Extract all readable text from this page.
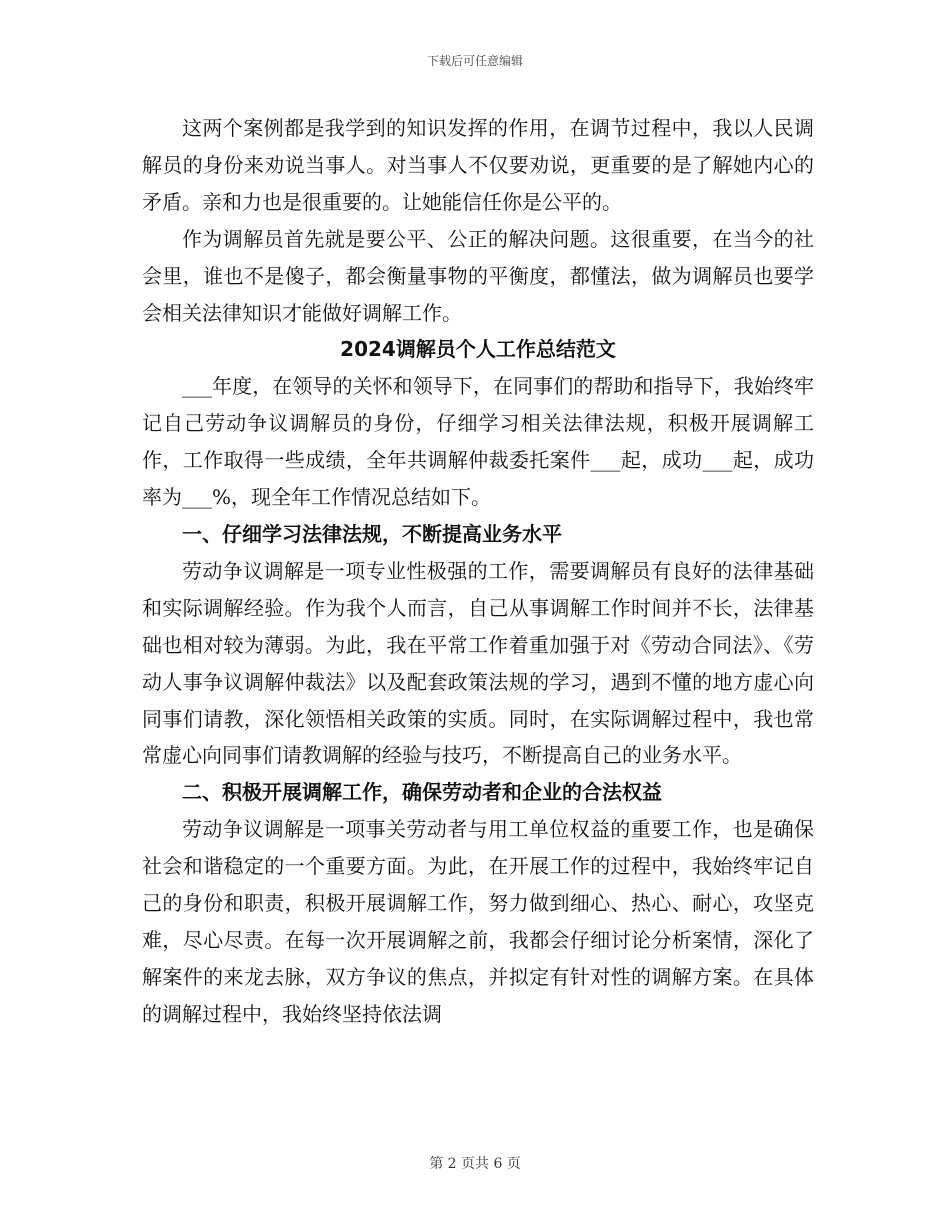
下载后可任意编辑

这两个案例都是我学到的知识发挥的作用，在调节过程中，我以人民调解员的身份来劝说当事人。对当事人不仅要劝说，更重要的是了解她内心的矛盾。亲和力也是很重要的。让她能信任你是公平的。

作为调解员首先就是要公平、公正的解决问题。这很重要，在当今的社会里，谁也不是傻子，都会衡量事物的平衡度，都懂法，做为调解员也要学会相关法律知识才能做好调解工作。

2024调解员个人工作总结范文

___年度，在领导的关怀和领导下，在同事们的帮助和指导下，我始终牢记自己劳动争议调解员的身份，仔细学习相关法律法规，积极开展调解工作，工作取得一些成绩，全年共调解仲裁委托案件___起，成功___起，成功率为___%，现全年工作情况总结如下。

一、仔细学习法律法规，不断提高业务水平

劳动争议调解是一项专业性极强的工作，需要调解员有良好的法律基础和实际调解经验。作为我个人而言，自己从事调解工作时间并不长，法律基础也相对较为薄弱。为此，我在平常工作着重加强于对《劳动合同法》、《劳动人事争议调解仲裁法》以及配套政策法规的学习，遇到不懂的地方虚心向同事们请教，深化领悟相关政策的实质。同时，在实际调解过程中，我也常常虚心向同事们请教调解的经验与技巧，不断提高自己的业务水平。

二、积极开展调解工作，确保劳动者和企业的合法权益

劳动争议调解是一项事关劳动者与用工单位权益的重要工作，也是确保社会和谐稳定的一个重要方面。为此，在开展工作的过程中，我始终牢记自己的身份和职责，积极开展调解工作，努力做到细心、热心、耐心，攻坚克难，尽心尽责。在每一次开展调解之前，我都会仔细讨论分析案情，深化了解案件的来龙去脉，双方争议的焦点，并拟定有针对性的调解方案。在具体的调解过程中，我始终坚持依法调

第 2 页共 6 页
